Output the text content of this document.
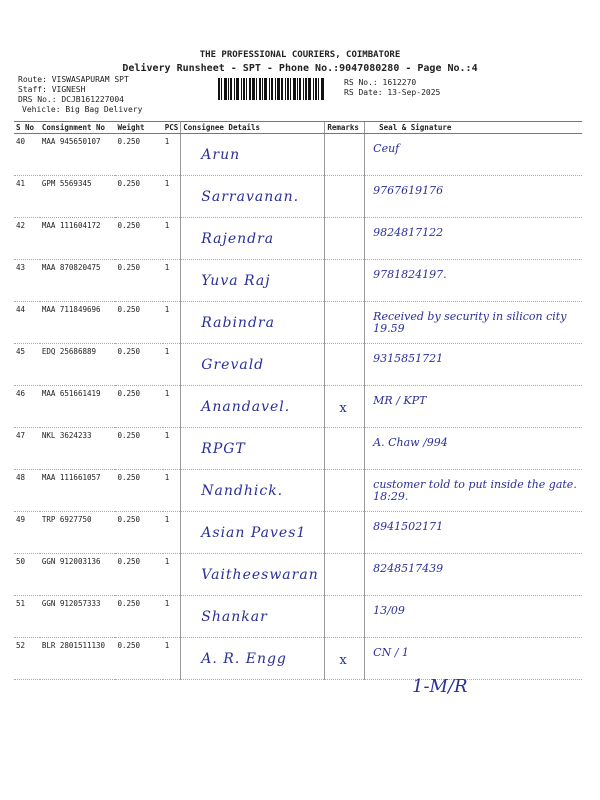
THE PROFESSIONAL COURIERS, COIMBATORE
Delivery Runsheet - SPT - Phone No.:9047080280 - Page No.:4
Route: VISWASAPURAM SPT
Staff: VIGNESH
DRS No.: DCJB161227004
Vehicle: Big Bag Delivery
RS No.: 1612270
RS Date: 13-Sep-2025
S No	Consignment No	Weight	PCS	Consignee Details	Remarks	Seal & Signature
40	MAA 945650107	0.250	1	Arun		Ceuf
41	GPM 5569345	0.250	1	Sarravanan.		9767619176
42	MAA 111604172	0.250	1	Rajendra		9824817122
43	MAA 870820475	0.250	1	Yuva Raj		9781824197.
44	MAA 711849696	0.250	1	Rabindra		Received by security in silicon city 19.59
45	EDQ 25686889	0.250	1	Grevald		9315851721
46	MAA 651661419	0.250	1	Anandavel.	x	MR / KPT
47	NKL 3624233	0.250	1	RPGT		A. Chaw /994
48	MAA 111661057	0.250	1	Nandhick.		customer told to put inside the gate. 18:29.
49	TRP 6927750	0.250	1	Asian Paves1		8941502171
50	GGN 912003136	0.250	1	Vaitheeswaran		8248517439
51	GGN 912057333	0.250	1	Shankar		13/09
52	BLR 2801511130	0.250	1	A. R. Engg	x	CN / 1
1-M/R
